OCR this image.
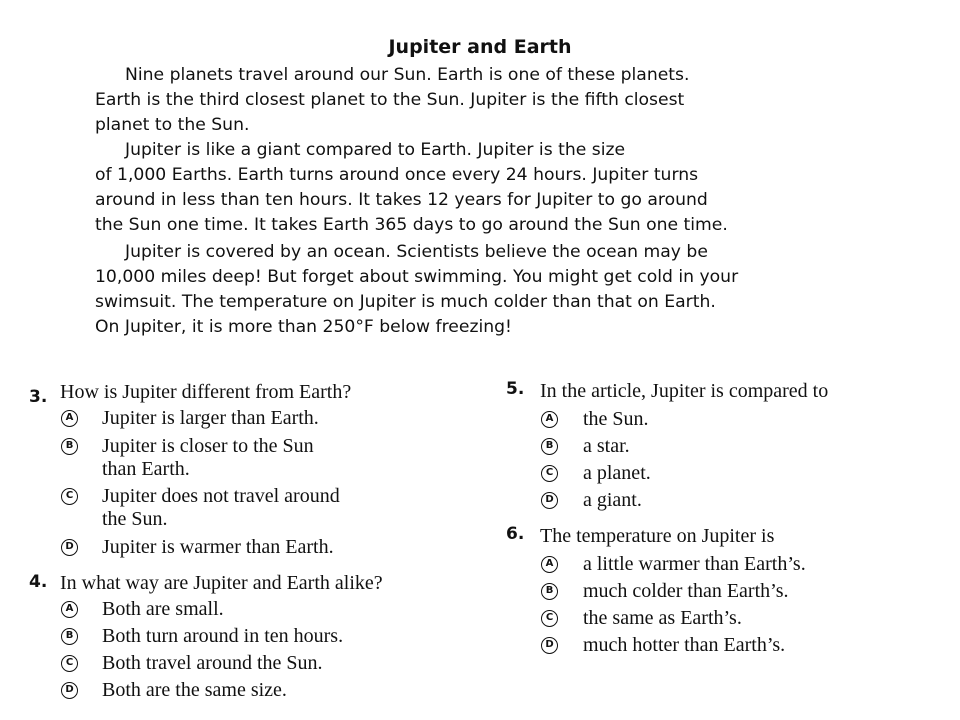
Jupiter and Earth
Nine planets travel around our Sun. Earth is one of these planets.
Earth is the third closest planet to the Sun. Jupiter is the fifth closest
planet to the Sun.
Jupiter is like a giant compared to Earth. Jupiter is the size
of 1,000 Earths. Earth turns around once every 24 hours. Jupiter turns
around in less than ten hours. It takes 12 years for Jupiter to go around
the Sun one time. It takes Earth 365 days to go around the Sun one time.
Jupiter is covered by an ocean. Scientists believe the ocean may be
10,000 miles deep! But forget about swimming. You might get cold in your
swimsuit. The temperature on Jupiter is much colder than that on Earth.
On Jupiter, it is more than 250°F below freezing!
3. How is Jupiter different from Earth?
A Jupiter is larger than Earth.
B Jupiter is closer to the Sun
than Earth.
C Jupiter does not travel around
the Sun.
D Jupiter is warmer than Earth.
4. In what way are Jupiter and Earth alike?
A Both are small.
B Both turn around in ten hours.
C Both travel around the Sun.
D Both are the same size.
5. In the article, Jupiter is compared to
A the Sun.
B a star.
C a planet.
D a giant.
6. The temperature on Jupiter is
A a little warmer than Earth’s.
B much colder than Earth’s.
C the same as Earth’s.
D much hotter than Earth’s.
